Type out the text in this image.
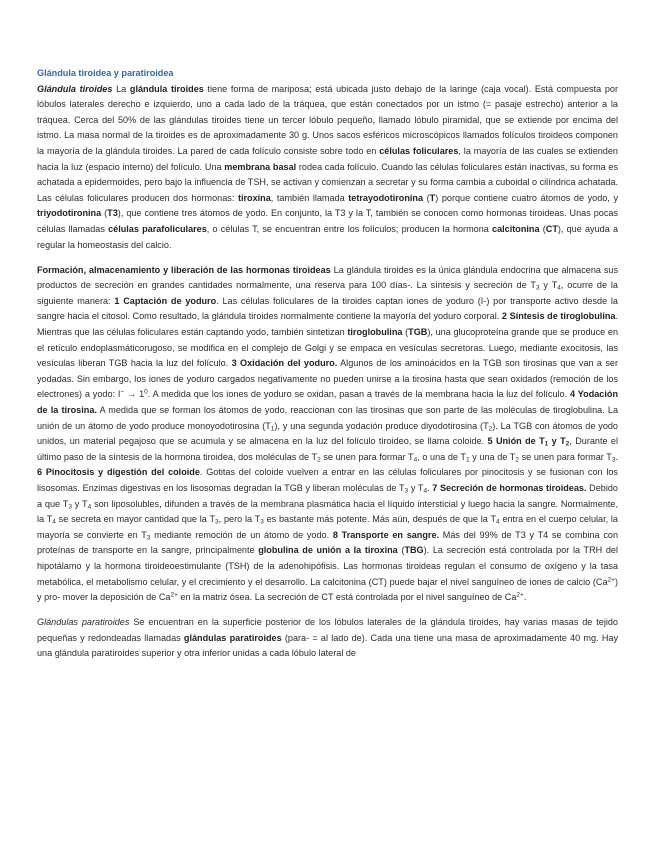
Glándula tiroidea y paratiroidea

Glándula tiroides La glándula tiroides tiene forma de mariposa; está ubicada justo debajo de la laringe (caja vocal). Está compuesta por lóbulos laterales derecho e izquierdo, uno a cada lado de la tráquea, que están conectados por un istmo (= pasaje estrecho) anterior a la tráquea. Cerca del 50% de las glándulas tiroides tiene un tercer lóbulo pequeño, llamado lóbulo piramidal, que se extiende por encima del istmo. La masa normal de la tiroides es de aproximadamente 30 g. Unos sacos esféricos microscópicos llamados folículos tiroideos componen la mayoría de la glándula tiroides. La pared de cada folículo consiste sobre todo en células foliculares, la mayoría de las cuales se extienden hacia la luz (espacio interno) del folículo. Una membrana basal rodea cada folículo. Cuando las células foliculares están inactivas, su forma es achatada a epidermoides, pero bajo la influencia de TSH, se activan y comienzan a secretar y su forma cambia a cuboidal o cilíndrica achatada. Las células foliculares producen dos hormonas: tiroxina, también llamada tetrayodotironina (T) porque contiene cuatro átomos de yodo, y triyodotironina (T3), que contiene tres átomos de yodo. En conjunto, la T3 y la T, también se conocen como hormonas tiroideas. Unas pocas células llamadas células parafoliculares, o células T, se encuentran entre los folículos; producen la hormona calcitonina (CT), que ayuda a regular la homeostasis del calcio.

Formación, almacenamiento y liberación de las hormonas tiroideas La glándula tiroides es la única glándula endocrina que almacena sus productos de secreción en grandes cantidades normalmente, una reserva para 100 días-. La síntesis y secreción de $T_3$ y $T_4$, ocurre de la siguiente manera: 1 Captación de yoduro. Las células foliculares de la tiroides captan iones de yoduro (I-) por transporte activo desde la sangre hacia el citosol. Como resultado, la glándula tiroides normalmente contiene la mayoría del yoduro corporal. 2 Síntesis de tiroglobulina. Mientras que las células foliculares están captando yodo, también sintetizan tiroglobulina (TGB), una glucoproteína grande que se produce en el retículo endoplasmáticorugoso, se modifica en el complejo de Golgi y se empaca en vesículas secretoras. Luego, mediante exocitosis, las vesículas liberan TGB hacia la luz del folículo. 3 Oxidación del yoduro. Algunos de los aminoácidos en la TGB son tirosinas que van a ser yodadas. Sin embargo, los iones de yoduro cargados negativamente no pueden unirse a la tirosina hasta que sean oxidados (remoción de los electrones) a yodo: $I^- \to 1^0$. A medida que los iones de yoduro se oxidan, pasan a través de la membrana hacia la luz del folículo. 4 Yodación de la tirosina. A medida que se forman los átomos de yodo, reaccionan con las tirosinas que son parte de las moléculas de tiroglobulina. La unión de un átomo de yodo produce monoyodotirosina $(T_1)$, y una segunda yodación produce diyodotirosina $(T_2)$. La TGB con átomos de yodo unidos, un material pegajoso que se acumula y se almacena en la luz del folículo tiroideo, se llama coloide. 5 Unión de $T_1$ y $T_2$, Durante el último paso de la síntesis de la hormona tiroidea, dos moléculas de $T_2$ se unen para formar $T_4$, o una de $T_1$ y una de $T_2$ se unen para formar $T_3$. 6 Pinocitosis y digestión del coloide. Gotitas del coloide vuelven a entrar en las células foliculares por pinocitosis y se fusionan con los lisosomas. Enzimas digestivas en los lisosomas degradan la TGB y liberan moléculas de $T_3$ y $T_4$. 7 Secreción de hormonas tiroideas. Debido a que $T_3$ y $T_4$ son liposolubles, difunden a través de la membrana plasmática hacia el líquido intersticial y luego hacia la sangre. Normalmente, la $T_4$ se secreta en mayor cantidad que la $T_3$, pero la $T_3$ es bastante más potente. Más aún, después de que la $T_4$ entra en el cuerpo celular, la mayoría se convierte en $T_3$ mediante remoción de un átomo de yodo. 8 Transporte en sangre. Más del 99% de T3 y T4 se combina con proteínas de transporte en la sangre, principalmente globulina de unión a la tiroxina (TBG). La secreción está controlada por la TRH del hipotálamo y la hormona tiroideoestimulante (TSH) de la adenohipófisis. Las hormonas tiroideas regulan el consumo de oxígeno y la tasa metabólica, el metabolismo celular, y el crecimiento y el desarrollo. La calcitonina (CT) puede bajar el nivel sanguíneo de iones de calcio $(Ca^{2+})$ y pro- mover la deposición de $Ca^{2+}$ en la matriz ósea. La secreción de CT está controlada por el nivel sanguíneo de $Ca^{2+}$.

Glándulas paratiroides Se encuentran en la superficie posterior de los lóbulos laterales de la glándula tiroides, hay varias masas de tejido pequeñas y redondeadas llamadas glándulas paratiroides (para- = al lado de). Cada una tiene una masa de aproximadamente 40 mg. Hay una glándula paratiroides superior y otra inferior unidas a cada lóbulo lateral de
